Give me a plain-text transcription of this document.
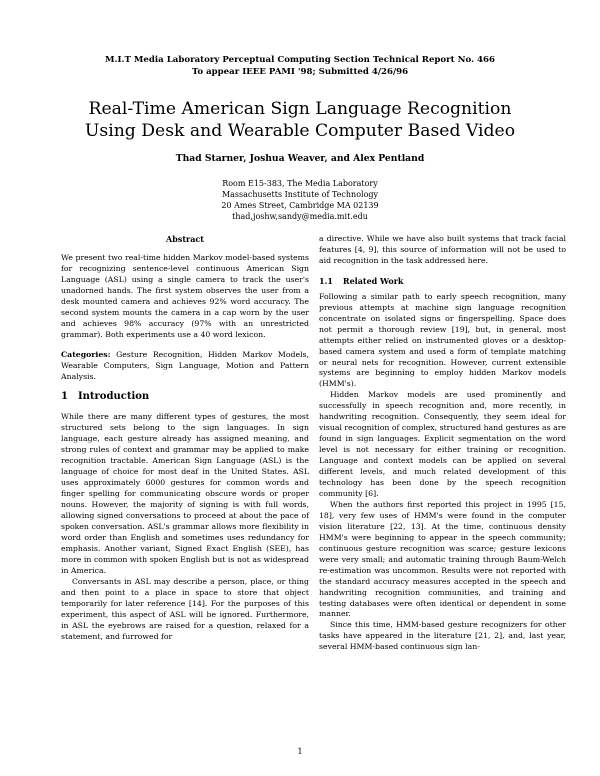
M.I.T Media Laboratory Perceptual Computing Section Technical Report No. 466
To appear IEEE PAMI '98; Submitted 4/26/96
Real-Time American Sign Language Recognition
Using Desk and Wearable Computer Based Video
Thad Starner, Joshua Weaver, and Alex Pentland
Room E15-383, The Media Laboratory
Massachusetts Institute of Technology
20 Ames Street, Cambridge MA 02139
thad,joshw,sandy@media.mit.edu
Abstract

We present two real-time hidden Markov model-based systems for recognizing sentence-level continuous American Sign Language (ASL) using a single camera to track the user's unadorned hands. The first system observes the user from a desk mounted camera and achieves 92% word accuracy. The second system mounts the camera in a cap worn by the user and achieves 98% accuracy (97% with an unrestricted grammar). Both experiments use a 40 word lexicon.

Categories: Gesture Recognition, Hidden Markov Models, Wearable Computers, Sign Language, Motion and Pattern Analysis.

1 Introduction

While there are many different types of gestures, the most structured sets belong to the sign languages. In sign language, each gesture already has assigned meaning, and strong rules of context and grammar may be applied to make recognition tractable. American Sign Language (ASL) is the language of choice for most deaf in the United States. ASL uses approximately 6000 gestures for common words and finger spelling for communicating obscure words or proper nouns. However, the majority of signing is with full words, allowing signed conversations to proceed at about the pace of spoken conversation. ASL's grammar allows more flexibility in word order than English and sometimes uses redundancy for emphasis. Another variant, Signed Exact English (SEE), has more in common with spoken English but is not as widespread in America.

Conversants in ASL may describe a person, place, or thing and then point to a place in space to store that object temporarily for later reference [14]. For the purposes of this experiment, this aspect of ASL will be ignored. Furthermore, in ASL the eyebrows are raised for a question, relaxed for a statement, and furrowed for

a directive. While we have also built systems that track facial features [4, 9], this source of information will not be used to aid recognition in the task addressed here.

1.1 Related Work

Following a similar path to early speech recognition, many previous attempts at machine sign language recognition concentrate on isolated signs or fingerspelling. Space does not permit a thorough review [19], but, in general, most attempts either relied on instrumented gloves or a desktop-based camera system and used a form of template matching or neural nets for recognition. However, current extensible systems are beginning to employ hidden Markov models (HMM's).

Hidden Markov models are used prominently and successfully in speech recognition and, more recently, in handwriting recognition. Consequently, they seem ideal for visual recognition of complex, structured hand gestures as are found in sign languages. Explicit segmentation on the word level is not necessary for either training or recognition. Language and context models can be applied on several different levels, and much related development of this technology has been done by the speech recognition community [6].

When the authors first reported this project in 1995 [15, 18], very few uses of HMM's were found in the computer vision literature [22, 13]. At the time, continuous density HMM's were beginning to appear in the speech community; continuous gesture recognition was scarce; gesture lexicons were very small; and automatic training through Baum-Welch re-estimation was uncommon. Results were not reported with the standard accuracy measures accepted in the speech and handwriting recognition communities, and training and testing databases were often identical or dependent in some manner.

Since this time, HMM-based gesture recognizers for other tasks have appeared in the literature [21, 2], and, last year, several HMM-based continuous sign lan-

1
